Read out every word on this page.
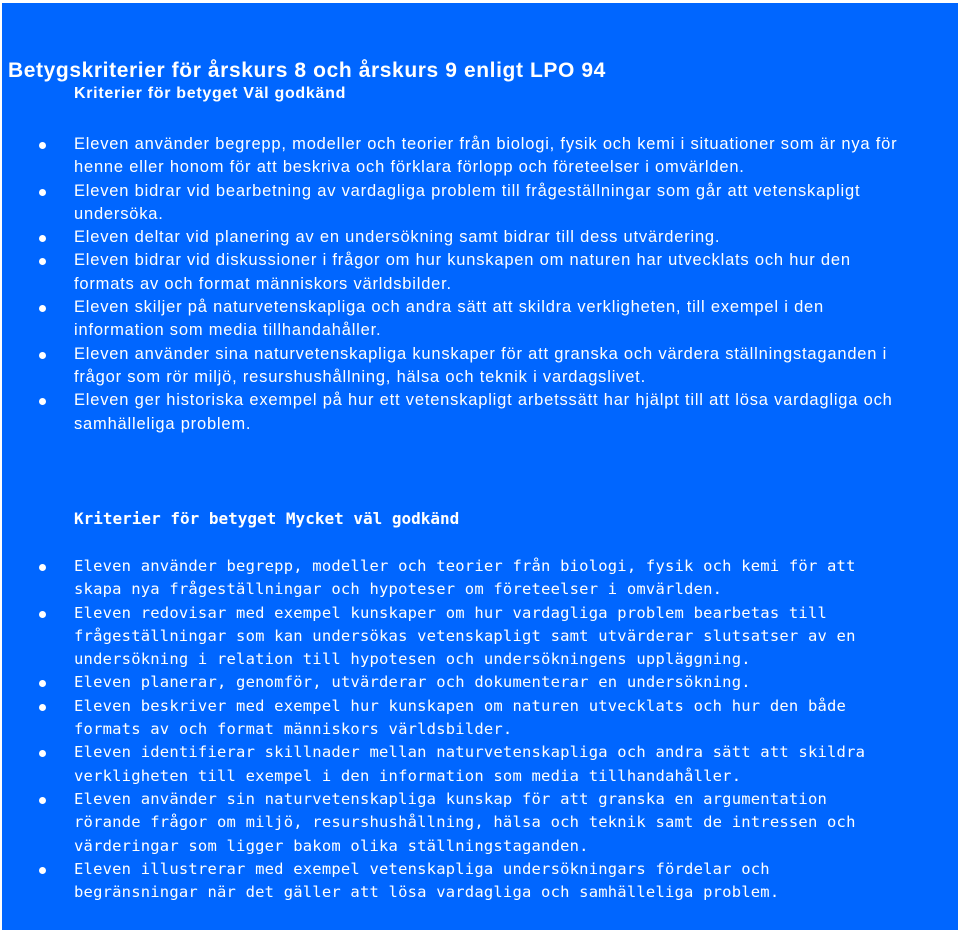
Betygskriterier för årskurs 8 och årskurs 9 enligt LPO 94
Kriterier för betyget Väl godkänd
Eleven använder begrepp, modeller och teorier från biologi, fysik och kemi i situationer som är nya för henne eller honom för att beskriva och förklara förlopp och företeelser i omvärlden.
Eleven bidrar vid bearbetning av vardagliga problem till frågeställningar som går att vetenskapligt undersöka.
Eleven deltar vid planering av en undersökning samt bidrar till dess utvärdering.
Eleven bidrar vid diskussioner i frågor om hur kunskapen om naturen har utvecklats och hur den formats av och format människors världsbilder.
Eleven skiljer på naturvetenskapliga och andra sätt att skildra verkligheten, till exempel i den information som media tillhandahåller.
Eleven använder sina naturvetenskapliga kunskaper för att granska och värdera ställningstaganden i frågor som rör miljö, resurshushållning, hälsa och teknik i vardagslivet.
Eleven ger historiska exempel på hur ett vetenskapligt arbetssätt har hjälpt till att lösa vardagliga och samhälleliga problem.
Kriterier för betyget Mycket väl godkänd
Eleven använder begrepp, modeller och teorier från biologi, fysik och kemi för att skapa nya frågeställningar och hypoteser om företeelser i omvärlden.
Eleven redovisar med exempel kunskaper om hur vardagliga problem bearbetas till frågeställningar som kan undersökas vetenskapligt samt utvärderar slutsatser av en undersökning i relation till hypotesen och undersökningens uppläggning.
Eleven planerar, genomför, utvärderar och dokumenterar en undersökning.
Eleven beskriver med exempel hur kunskapen om naturen utvecklats och hur den både formats av och format människors världsbilder.
Eleven identifierar skillnader mellan naturvetenskapliga och andra sätt att skildra verkligheten till exempel i den information som media tillhandahåller.
Eleven använder sin naturvetenskapliga kunskap för att granska en argumentation rörande frågor om miljö, resurshushållning, hälsa och teknik samt de intressen och värderingar som ligger bakom olika ställningstaganden.
Eleven illustrerar med exempel vetenskapliga undersökningars fördelar och begränsningar när det gäller att lösa vardagliga och samhälleliga problem.
